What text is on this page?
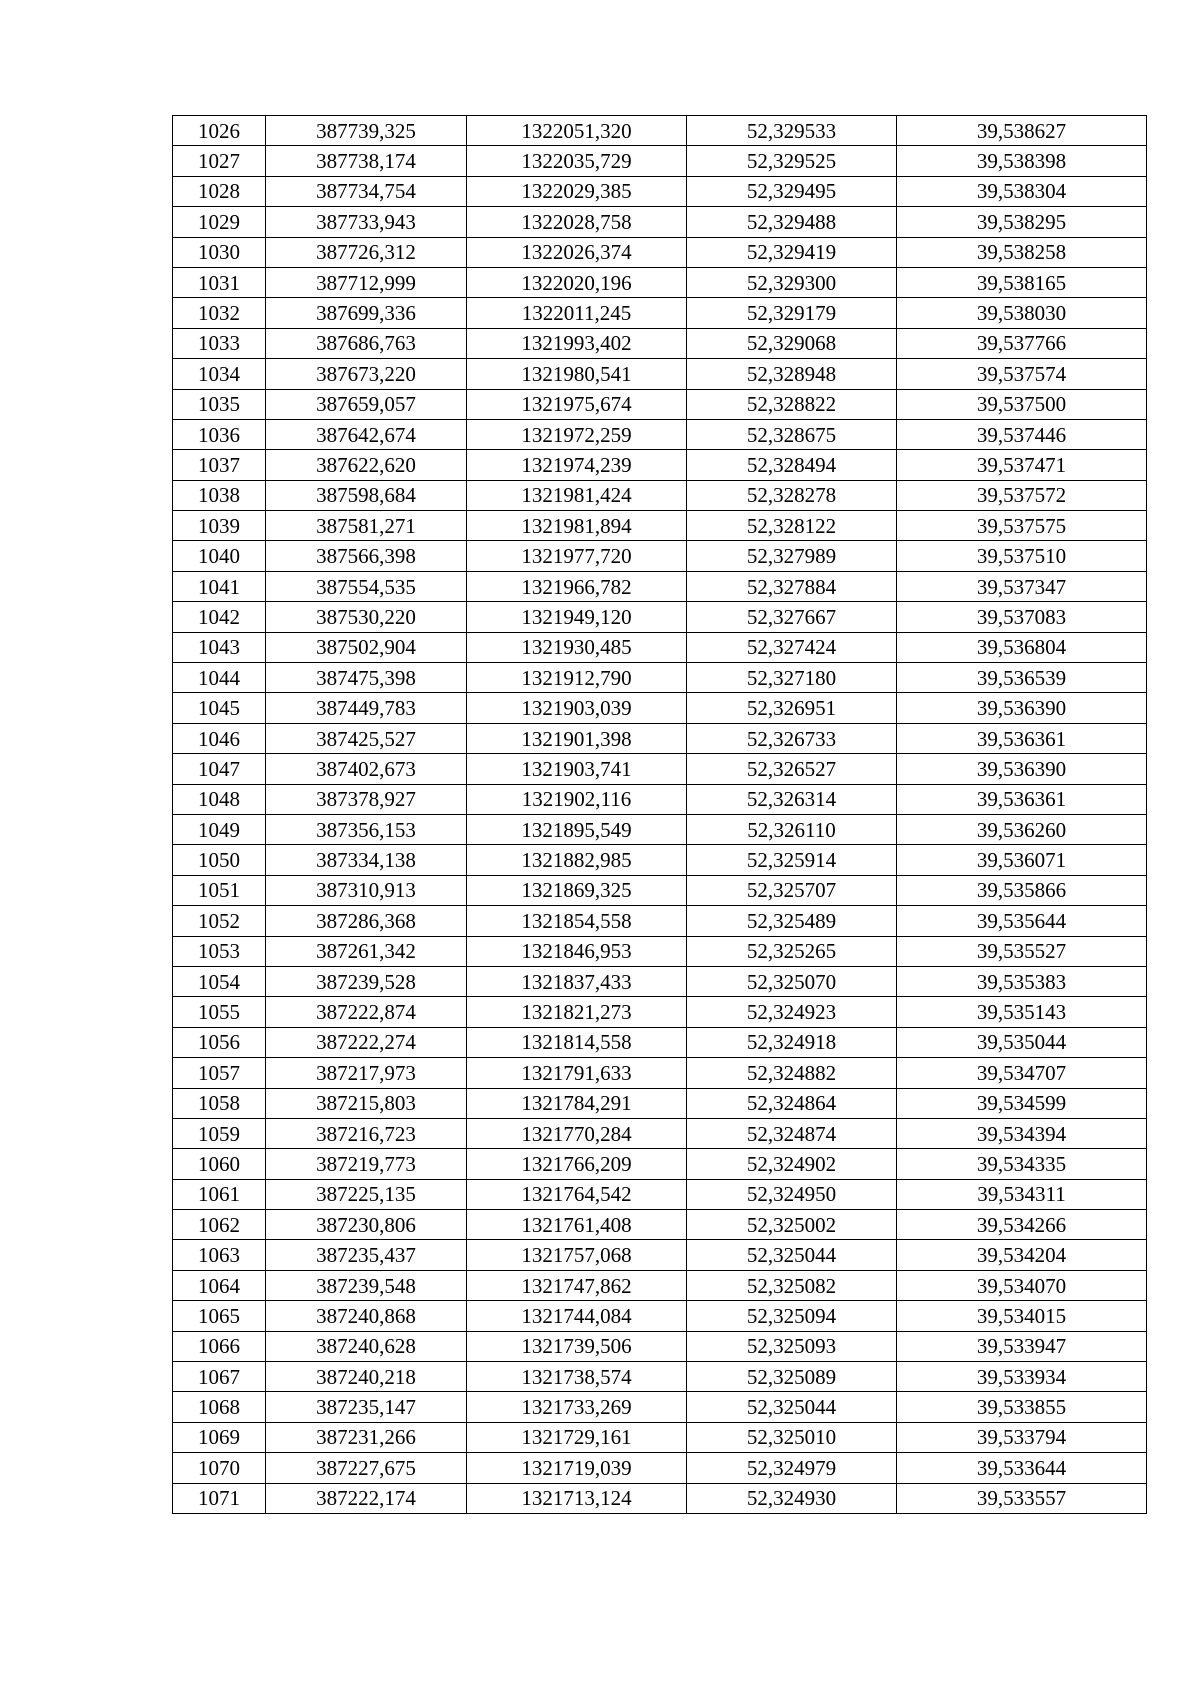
1026	387739,325	1322051,320	52,329533	39,538627
1027	387738,174	1322035,729	52,329525	39,538398
1028	387734,754	1322029,385	52,329495	39,538304
1029	387733,943	1322028,758	52,329488	39,538295
1030	387726,312	1322026,374	52,329419	39,538258
1031	387712,999	1322020,196	52,329300	39,538165
1032	387699,336	1322011,245	52,329179	39,538030
1033	387686,763	1321993,402	52,329068	39,537766
1034	387673,220	1321980,541	52,328948	39,537574
1035	387659,057	1321975,674	52,328822	39,537500
1036	387642,674	1321972,259	52,328675	39,537446
1037	387622,620	1321974,239	52,328494	39,537471
1038	387598,684	1321981,424	52,328278	39,537572
1039	387581,271	1321981,894	52,328122	39,537575
1040	387566,398	1321977,720	52,327989	39,537510
1041	387554,535	1321966,782	52,327884	39,537347
1042	387530,220	1321949,120	52,327667	39,537083
1043	387502,904	1321930,485	52,327424	39,536804
1044	387475,398	1321912,790	52,327180	39,536539
1045	387449,783	1321903,039	52,326951	39,536390
1046	387425,527	1321901,398	52,326733	39,536361
1047	387402,673	1321903,741	52,326527	39,536390
1048	387378,927	1321902,116	52,326314	39,536361
1049	387356,153	1321895,549	52,326110	39,536260
1050	387334,138	1321882,985	52,325914	39,536071
1051	387310,913	1321869,325	52,325707	39,535866
1052	387286,368	1321854,558	52,325489	39,535644
1053	387261,342	1321846,953	52,325265	39,535527
1054	387239,528	1321837,433	52,325070	39,535383
1055	387222,874	1321821,273	52,324923	39,535143
1056	387222,274	1321814,558	52,324918	39,535044
1057	387217,973	1321791,633	52,324882	39,534707
1058	387215,803	1321784,291	52,324864	39,534599
1059	387216,723	1321770,284	52,324874	39,534394
1060	387219,773	1321766,209	52,324902	39,534335
1061	387225,135	1321764,542	52,324950	39,534311
1062	387230,806	1321761,408	52,325002	39,534266
1063	387235,437	1321757,068	52,325044	39,534204
1064	387239,548	1321747,862	52,325082	39,534070
1065	387240,868	1321744,084	52,325094	39,534015
1066	387240,628	1321739,506	52,325093	39,533947
1067	387240,218	1321738,574	52,325089	39,533934
1068	387235,147	1321733,269	52,325044	39,533855
1069	387231,266	1321729,161	52,325010	39,533794
1070	387227,675	1321719,039	52,324979	39,533644
1071	387222,174	1321713,124	52,324930	39,533557
